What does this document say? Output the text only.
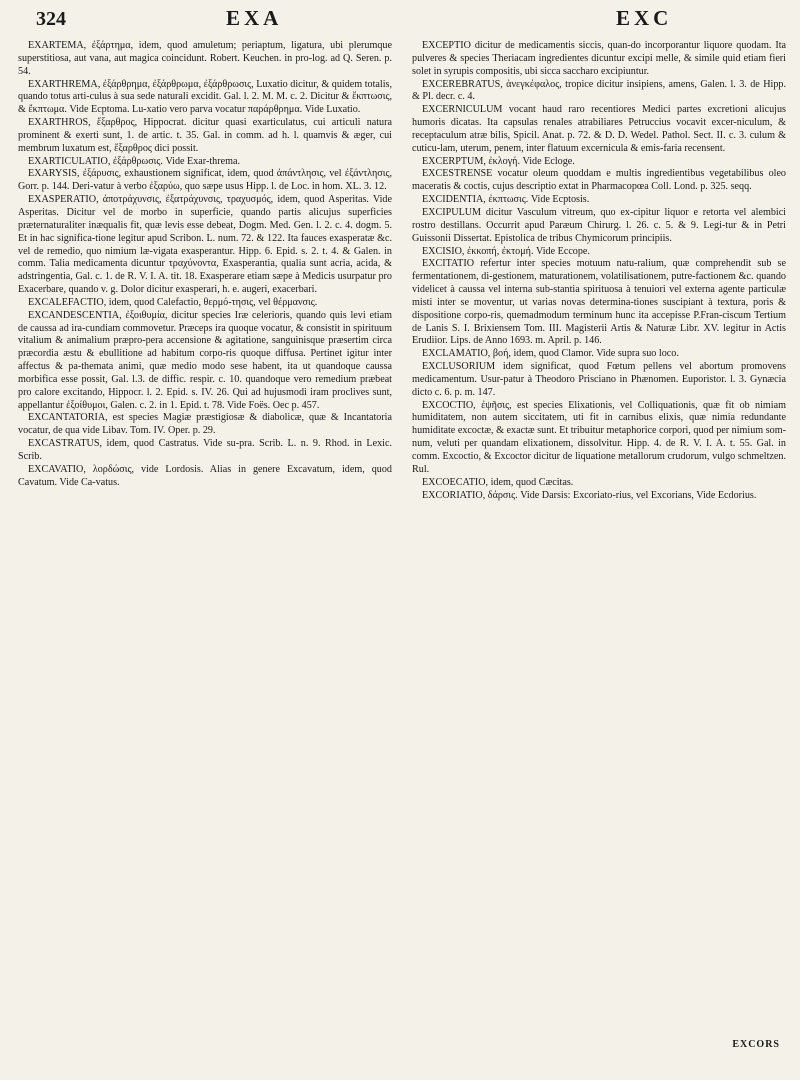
324	EXA	EXC

EXARTEMA, ἐξάρτημα, idem, quod amuletum; periaptum, ligatura, ubi plerumque superstitiosa, aut vana, aut magica coincidunt. Robert. Keuchen. in pro-log. ad Q. Seren. p. 54.

EXARTHREMA, ἐξάρθρημα, ἐξάρθρωμα, ἐξάρθρωσις, Luxatio dicitur, & quidem totalis, quando totus arti-culus à sua sede naturali excidit. Gal. l. 2. M. M. c. 2. Dicitur & ἔκπτωσις, & ἔκπτωμα. Vide Ecptoma. Lu-xatio vero parva vocatur παράρθρημα. Vide Luxatio.

EXARTHROS, ἔξαρθρος, Hippocrat. dicitur quasi exarticulatus, cui articuli natura prominent & exerti sunt, 1. de artic. t. 35. Gal. in comm. ad h. l. quamvis & æger, cui membrum luxatum est, ἔξαρθρος dici possit.

EXARTICULATIO, ἐξάρθρωσις. Vide Exar-threma.

EXARYSIS, ἐξάρυσις, exhaustionem significat, idem, quod ἀπάντλησις, vel ἐξάντλησις, Gorr. p. 144. Deri-vatur à verbo ἐξαρύω, quo sæpe usus Hipp. l. de Loc. in hom. XL. 3. 12.

EXASPERATIO, ἀποτράχυνσις, ἐξατράχυνσις, τραχυσμός, idem, quod Asperitas. Vide Asperitas. Dicitur vel de morbo in superficie, quando partis alicujus superficies præternaturaliter inæqualis fit, quæ levis esse debeat, Dogm. Med. Gen. l. 2. c. 4. dogm. 5. Et in hac significa-tione legitur apud Scribon. L. num. 72. & 122. Ita fauces exasperatæ &c. vel de remedio, quo nimium læ-vigata exasperantur. Hipp. 6. Epid. s. 2. t. 4. & Galen. in comm. Talia medicamenta dicuntur τραχύνοντα, Exasperantia, qualia sunt acria, acida, & adstringentia, Gal. c. 1. de R. V. I. A. tit. 18. Exasperare etiam sæpe à Medicis usurpatur pro Exacerbare, quando v. g. Dolor dicitur exasperari, h. e. augeri, exacerbari.

EXCALEFACTIO, idem, quod Calefactio, θερμό-τησις, vel θέρμανσις.

EXCANDESCENTIA, ἐξοιθυμία, dicitur species Iræ celerioris, quando quis levi etiam de caussa ad ira-cundiam commovetur. Præceps ira quoque vocatur, & consistit in spirituum vitalium & animalium præpro-pera accensione & agitatione, sanguinisque præsertim circa præcordia æstu & ebullitione ad habitum corpo-ris quoque diffusa. Pertinet igitur inter affectus & pa-themata animi, quæ medio modo sese habent, ita ut quandoque caussa morbifica esse possit, Gal. l.3. de diffic. respir. c. 10. quandoque vero remedium præbeat pro calore excitando, Hippocr. l. 2. Epid. s. IV. 26. Qui ad hujusmodi iram proclives sunt, appellantur ἐξοίθυμοι, Galen. c. 2. in 1. Epid. t. 78. Vide Foës. Oec p. 457.

EXCANTATORIA, est species Magiæ præstigiosæ & diabolicæ, quæ & Incantatoria vocatur, de qua vide Libav. Tom. IV. Oper. p. 29.

EXCASTRATUS, idem, quod Castratus. Vide su-pra. Scrib. L. n. 9. Rhod. in Lexic. Scrib.

EXCAVATIO, λορδώσις, vide Lordosis. Alias in genere Excavatum, idem, quod Cavatum. Vide Ca-vatus.

EXCEPTIO dicitur de medicamentis siccis, quan-do incorporantur liquore quodam. Ita pulveres & species Theriacam ingredientes dicuntur excipi melle, & simile quid etiam fieri solet in syrupis compositis, ubi sicca saccharo excipiuntur.

EXCEREBRATUS, ἀνεγκέφαλος, tropice dicitur insipiens, amens, Galen. l. 3. de Hipp. & Pl. decr. c. 4.

EXCERNICULUM vocant haud raro recentiores Medici partes excretioni alicujus humoris dicatas. Ita capsulas renales atrabiliares Petruccius vocavit excer-niculum, & receptaculum atræ bilis, Spicil. Anat. p. 72. & D. D. Wedel. Pathol. Sect. II. c. 3. culum & cuticu-lam, uterum, penem, inter flatuum excernicula & emis-faria recensent.

EXCERPTUM, ἐκλογή. Vide Ecloge.

EXCESTRENSE vocatur oleum quoddam e multis ingredientibus vegetabilibus oleo maceratis & coctis, cujus descriptio extat in Pharmacopœa Coll. Lond. p. 325. seqq.

EXCIDENTIA, ἐκπτωσις. Vide Ecptosis.

EXCIPULUM dicitur Vasculum vitreum, quo ex-cipitur liquor e retorta vel alembici rostro destillans. Occurrit apud Paræum Chirurg. l. 26. c. 5. & 9. Legi-tur & in Petri Guissonii Dissertat. Epistolica de tribus Chymicorum principiis.

EXCISIO, ἐκκοπή, ἐκτομή. Vide Eccope.

EXCITATIO refertur inter species motuum natu-ralium, quæ comprehendit sub se fermentationem, di-gestionem, maturationem, volatilisationem, putre-factionem &c. quando videlicet à caussa vel interna sub-stantia spirituosa à tenuiori vel externa agente particulæ misti inter se moventur, ut varias novas determina-tiones suscipiant à textura, poris & dispositione corpo-ris, quemadmodum terminum hunc ita accepisse P.Fran-ciscum Tertium de Lanis S. I. Brixiensem Tom. III. Magisterii Artis & Naturæ Libr. XV. legitur in Actis Erudiior. Lips. de Anno 1693. m. April. p. 146.

EXCLAMATIO, βοή, idem, quod Clamor. Vide supra suo loco.

EXCLUSORIUM idem significat, quod Fœtum pellens vel abortum promovens medicamentum. Usur-patur à Theodoro Prisciano in Phænomen. Euporistor. l. 3. Gynæcia dicto c. 6. p. m. 147.

EXCOCTIO, ἐψῆσις, est species Elixationis, vel Colliquationis, quæ fit ob nimiam humiditatem, non autem siccitatem, uti fit in carnibus elixis, quæ nimia redundante humiditate excoctæ, & exactæ sunt. Et tribuitur metaphorice corpori, quod per nimium som-num, veluti per quandam elixationem, dissolvitur. Hipp. 4. de R. V. I. A. t. 55. Gal. in comm. Excoctio, & Excoctor dicitur de liquatione metallorum crudorum, vulgo schmeltzen. Rul.

EXCOECATIO, idem, quod Cæcitas.

EXCORIATIO, δάρσις. Vide Darsis: Excoriato-rius, vel Excorians, Vide Ecdorius.

EXCORS
